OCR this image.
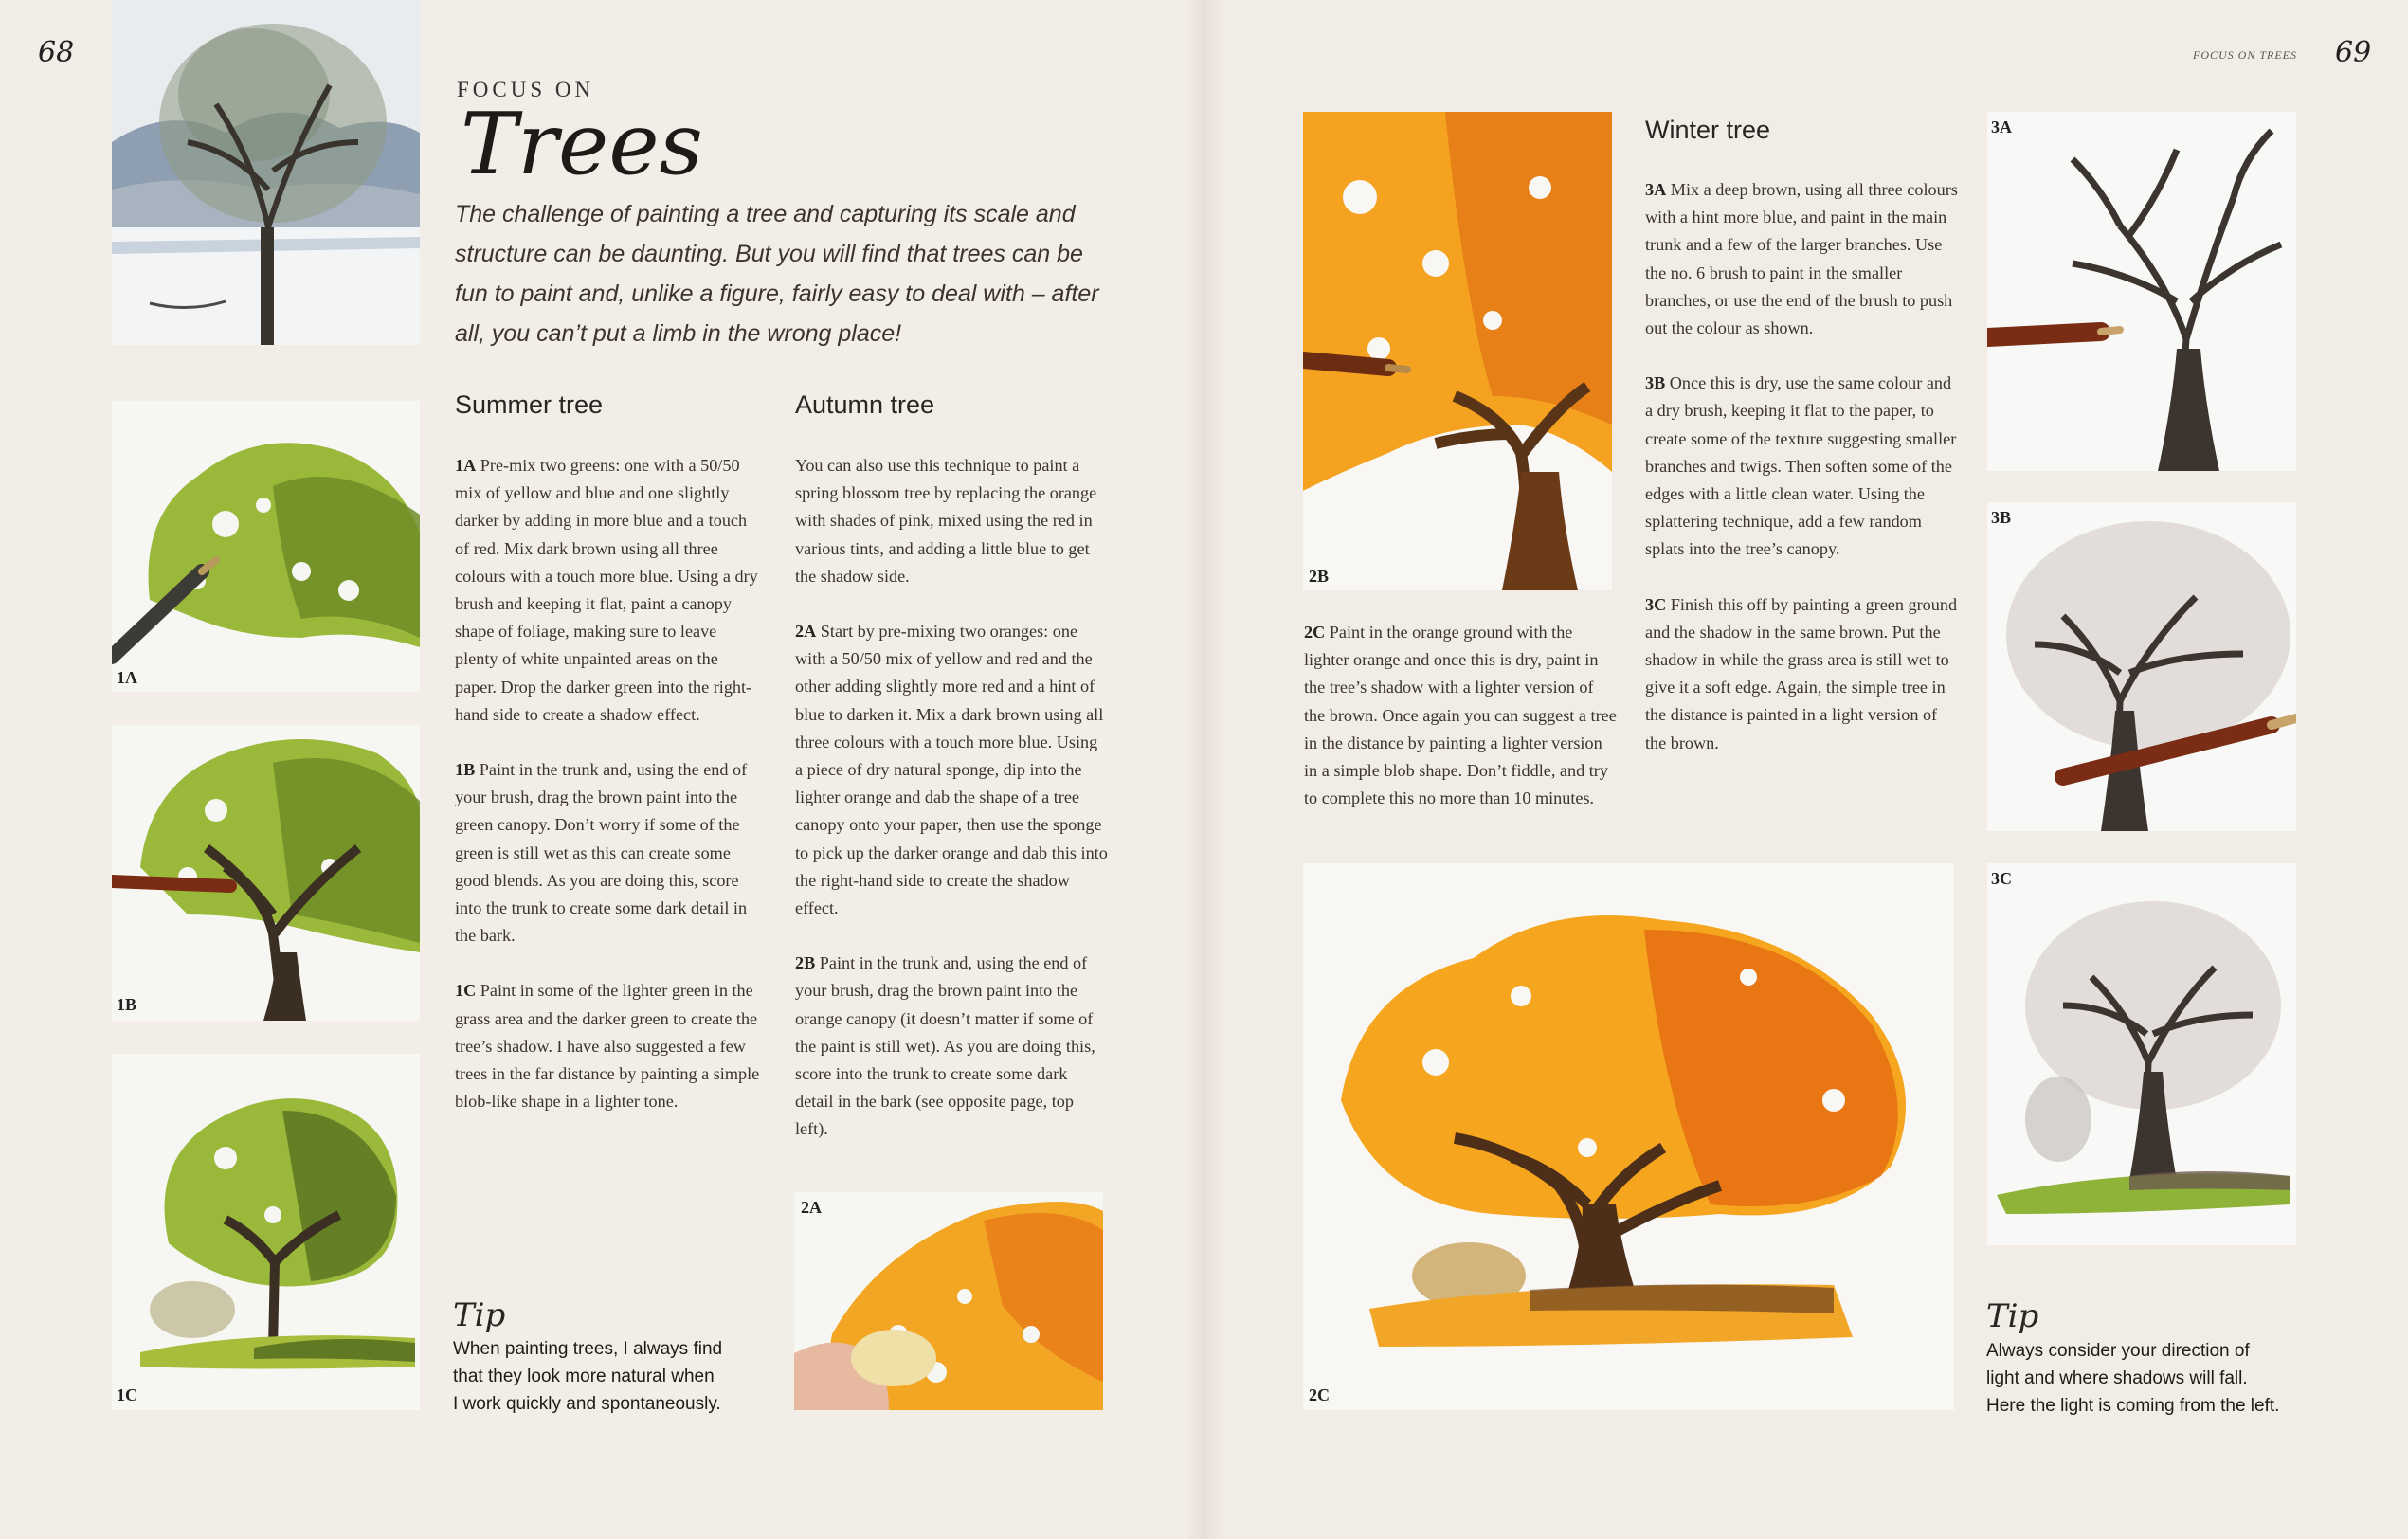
68
FOCUS ON
Trees
The challenge of painting a tree and capturing its scale and structure can be daunting. But you will find that trees can be fun to paint and, unlike a figure, fairly easy to deal with – after all, you can’t put a limb in the wrong place!
Summer tree

1A Pre-mix two greens: one with a 50/50 mix of yellow and blue and one slightly darker by adding in more blue and a touch of red. Mix dark brown using all three colours with a touch more blue. Using a dry brush and keeping it flat, paint a canopy shape of foliage, making sure to leave plenty of white unpainted areas on the paper. Drop the darker green into the right-hand side to create a shadow effect.

1B Paint in the trunk and, using the end of your brush, drag the brown paint into the green canopy. Don’t worry if some of the green is still wet as this can create some good blends. As you are doing this, score into the trunk to create some dark detail in the bark.

1C Paint in some of the lighter green in the grass area and the darker green to create the tree’s shadow. I have also suggested a few trees in the far distance by painting a simple blob-like shape in a lighter tone.

Autumn tree

You can also use this technique to paint a spring blossom tree by replacing the orange with shades of pink, mixed using the red in various tints, and adding a little blue to get the shadow side.

2A Start by pre-mixing two oranges: one with a 50/50 mix of yellow and red and the other adding slightly more red and a hint of blue to darken it. Mix a dark brown using all three colours with a touch more blue. Using a piece of dry natural sponge, dip into the lighter orange and dab the shape of a tree canopy onto your paper, then use the sponge to pick up the darker orange and dab this into the right-hand side to create the shadow effect.

2B Paint in the trunk and, using the end of your brush, drag the brown paint into the orange canopy (it doesn’t matter if some of the paint is still wet). As you are doing this, score into the trunk to create some dark detail in the bark (see opposite page, top left).

1A
1B
1C
2A
Tip
When painting trees, I always find
that they look more natural when
I work quickly and spontaneously.
FOCUS ON TREES 69
2B

2C Paint in the orange ground with the lighter orange and once this is dry, paint in the tree’s shadow with a lighter version of the brown. Once again you can suggest a tree in the distance by painting a lighter version in a simple blob shape. Don’t fiddle, and try to complete this no more than 10 minutes.

Winter tree

3A Mix a deep brown, using all three colours with a hint more blue, and paint in the main trunk and a few of the larger branches. Use the no. 6 brush to paint in the smaller branches, or use the end of the brush to push out the colour as shown.

3B Once this is dry, use the same colour and a dry brush, keeping it flat to the paper, to create some of the texture suggesting smaller branches and twigs. Then soften some of the edges with a little clean water. Using the splattering technique, add a few random splats into the tree’s canopy.

3C Finish this off by painting a green ground and the shadow in the same brown. Put the shadow in while the grass area is still wet to give it a soft edge. Again, the simple tree in the distance is painted in a light version of the brown.

2C
3A
3B
3C
Tip
Always consider your direction of
light and where shadows will fall.
Here the light is coming from the left.
